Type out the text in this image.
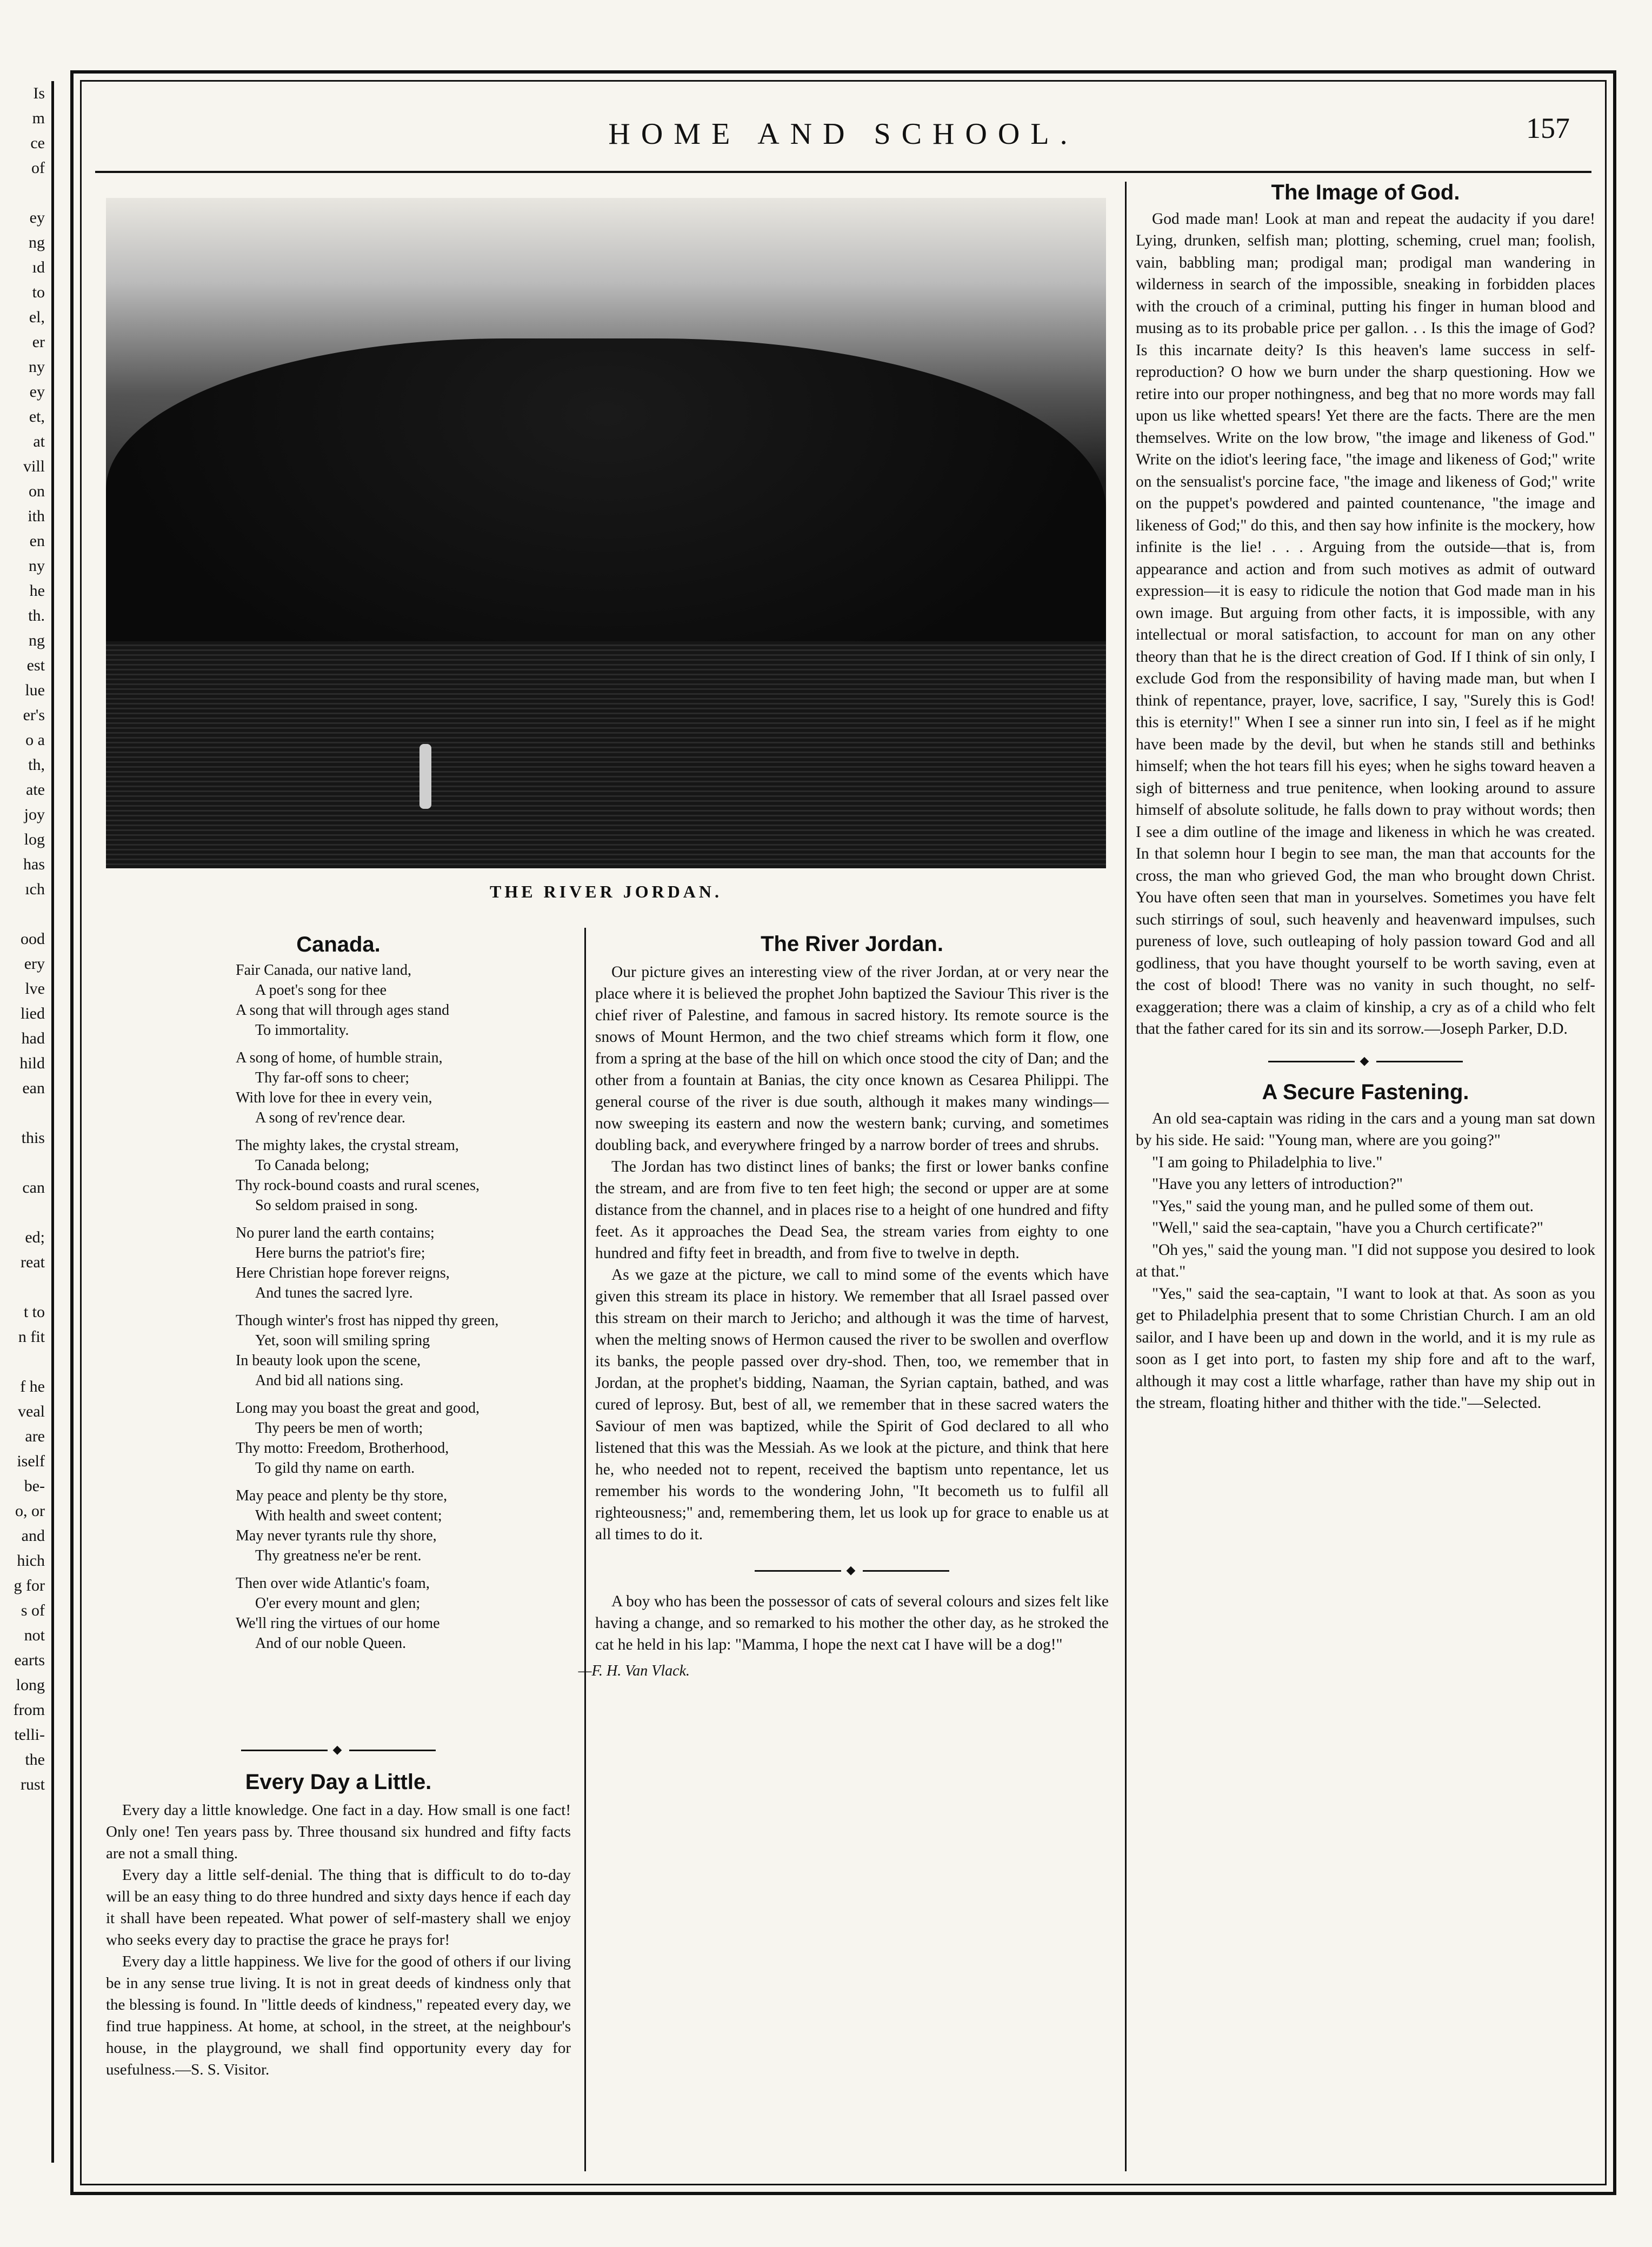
Is
m
ce
of

ey
ng
ıd
to
el,
er
ny
ey
et,
at
vill
on
ith
en
ny
he
th.
ng
est
lue
er's
o a
th,
ate
joy
log
has
ıch

ood
ery
lve
lied
had
hild
ean

this

can

ed;
reat

t to
n fit

f he
veal
are
iself
be-
o, or
and
hich
g for
s of
not
earts
long
from
telli-
the
rust
HOME AND SCHOOL.	157
THE RIVER JORDAN.
Canada.
Fair Canada, our native land,
A poet's song for thee
A song that will through ages stand
To immortality.
A song of home, of humble strain,
Thy far-off sons to cheer;
With love for thee in every vein,
A song of rev'rence dear.
The mighty lakes, the crystal stream,
To Canada belong;
Thy rock-bound coasts and rural scenes,
So seldom praised in song.
No purer land the earth contains;
Here burns the patriot's fire;
Here Christian hope forever reigns,
And tunes the sacred lyre.
Though winter's frost has nipped thy green,
Yet, soon will smiling spring
In beauty look upon the scene,
And bid all nations sing.
Long may you boast the great and good,
Thy peers be men of worth;
Thy motto: Freedom, Brotherhood,
To gild thy name on earth.
May peace and plenty be thy store,
With health and sweet content;
May never tyrants rule thy shore,
Thy greatness ne'er be rent.
Then over wide Atlantic's foam,
O'er every mount and glen;
We'll ring the virtues of our home
And of our noble Queen.
—F. H. Van Vlack.
◆
Every Day a Little.

Every day a little knowledge. One fact in a day. How small is one fact! Only one! Ten years pass by. Three thousand six hundred and fifty facts are not a small thing.

Every day a little self-denial. The thing that is difficult to do to-day will be an easy thing to do three hundred and sixty days hence if each day it shall have been repeated. What power of self-mastery shall we enjoy who seeks every day to practise the grace he prays for!

Every day a little happiness. We live for the good of others if our living be in any sense true living. It is not in great deeds of kindness only that the blessing is found. In "little deeds of kindness," repeated every day, we find true happiness. At home, at school, in the street, at the neighbour's house, in the playground, we shall find opportunity every day for usefulness.—S. S. Visitor.

The River Jordan.

Our picture gives an interesting view of the river Jordan, at or very near the place where it is believed the prophet John baptized the Saviour This river is the chief river of Palestine, and famous in sacred history. Its remote source is the snows of Mount Hermon, and the two chief streams which form it flow, one from a spring at the base of the hill on which once stood the city of Dan; and the other from a fountain at Banias, the city once known as Cesarea Philippi. The general course of the river is due south, although it makes many windings—now sweeping its eastern and now the western bank; curving, and sometimes doubling back, and everywhere fringed by a narrow border of trees and shrubs.

The Jordan has two distinct lines of banks; the first or lower banks confine the stream, and are from five to ten feet high; the second or upper are at some distance from the channel, and in places rise to a height of one hundred and fifty feet. As it approaches the Dead Sea, the stream varies from eighty to one hundred and fifty feet in breadth, and from five to twelve in depth.

As we gaze at the picture, we call to mind some of the events which have given this stream its place in history. We remember that all Israel passed over this stream on their march to Jericho; and although it was the time of harvest, when the melting snows of Hermon caused the river to be swollen and overflow its banks, the people passed over dry-shod. Then, too, we remember that in Jordan, at the prophet's bidding, Naaman, the Syrian captain, bathed, and was cured of leprosy. But, best of all, we remember that in these sacred waters the Saviour of men was baptized, while the Spirit of God declared to all who listened that this was the Messiah. As we look at the picture, and think that here he, who needed not to repent, received the baptism unto repentance, let us remember his words to the wondering John, "It becometh us to fulfil all righteousness;" and, remembering them, let us look up for grace to enable us at all times to do it.

◆

A boy who has been the possessor of cats of several colours and sizes felt like having a change, and so remarked to his mother the other day, as he stroked the cat he held in his lap: "Mamma, I hope the next cat I have will be a dog!"

The Image of God.

God made man! Look at man and repeat the audacity if you dare! Lying, drunken, selfish man; plotting, scheming, cruel man; foolish, vain, babbling man; prodigal man; prodigal man wandering in wilderness in search of the impossible, sneaking in forbidden places with the crouch of a criminal, putting his finger in human blood and musing as to its probable price per gallon. . . Is this the image of God? Is this incarnate deity? Is this heaven's lame success in self-reproduction? O how we burn under the sharp questioning. How we retire into our proper nothingness, and beg that no more words may fall upon us like whetted spears! Yet there are the facts. There are the men themselves. Write on the low brow, "the image and likeness of God." Write on the idiot's leering face, "the image and likeness of God;" write on the sensualist's porcine face, "the image and likeness of God;" write on the puppet's powdered and painted countenance, "the image and likeness of God;" do this, and then say how infinite is the mockery, how infinite is the lie! . . . Arguing from the outside—that is, from appearance and action and from such motives as admit of outward expression—it is easy to ridicule the notion that God made man in his own image. But arguing from other facts, it is impossible, with any intellectual or moral satisfaction, to account for man on any other theory than that he is the direct creation of God. If I think of sin only, I exclude God from the responsibility of having made man, but when I think of repentance, prayer, love, sacrifice, I say, "Surely this is God! this is eternity!" When I see a sinner run into sin, I feel as if he might have been made by the devil, but when he stands still and bethinks himself; when the hot tears fill his eyes; when he sighs toward heaven a sigh of bitterness and true penitence, when looking around to assure himself of absolute solitude, he falls down to pray without words; then I see a dim outline of the image and likeness in which he was created. In that solemn hour I begin to see man, the man that accounts for the cross, the man who grieved God, the man who brought down Christ. You have often seen that man in yourselves. Sometimes you have felt such stirrings of soul, such heavenly and heavenward impulses, such pureness of love, such outleaping of holy passion toward God and all godliness, that you have thought yourself to be worth saving, even at the cost of blood! There was no vanity in such thought, no self-exaggeration; there was a claim of kinship, a cry as of a child who felt that the father cared for its sin and its sorrow.—Joseph Parker, D.D.

◆
A Secure Fastening.

An old sea-captain was riding in the cars and a young man sat down by his side. He said: "Young man, where are you going?"

"I am going to Philadelphia to live."

"Have you any letters of introduction?"

"Yes," said the young man, and he pulled some of them out.

"Well," said the sea-captain, "have you a Church certificate?"

"Oh yes," said the young man. "I did not suppose you desired to look at that."

"Yes," said the sea-captain, "I want to look at that. As soon as you get to Philadelphia present that to some Christian Church. I am an old sailor, and I have been up and down in the world, and it is my rule as soon as I get into port, to fasten my ship fore and aft to the warf, although it may cost a little wharfage, rather than have my ship out in the stream, floating hither and thither with the tide."—Selected.
